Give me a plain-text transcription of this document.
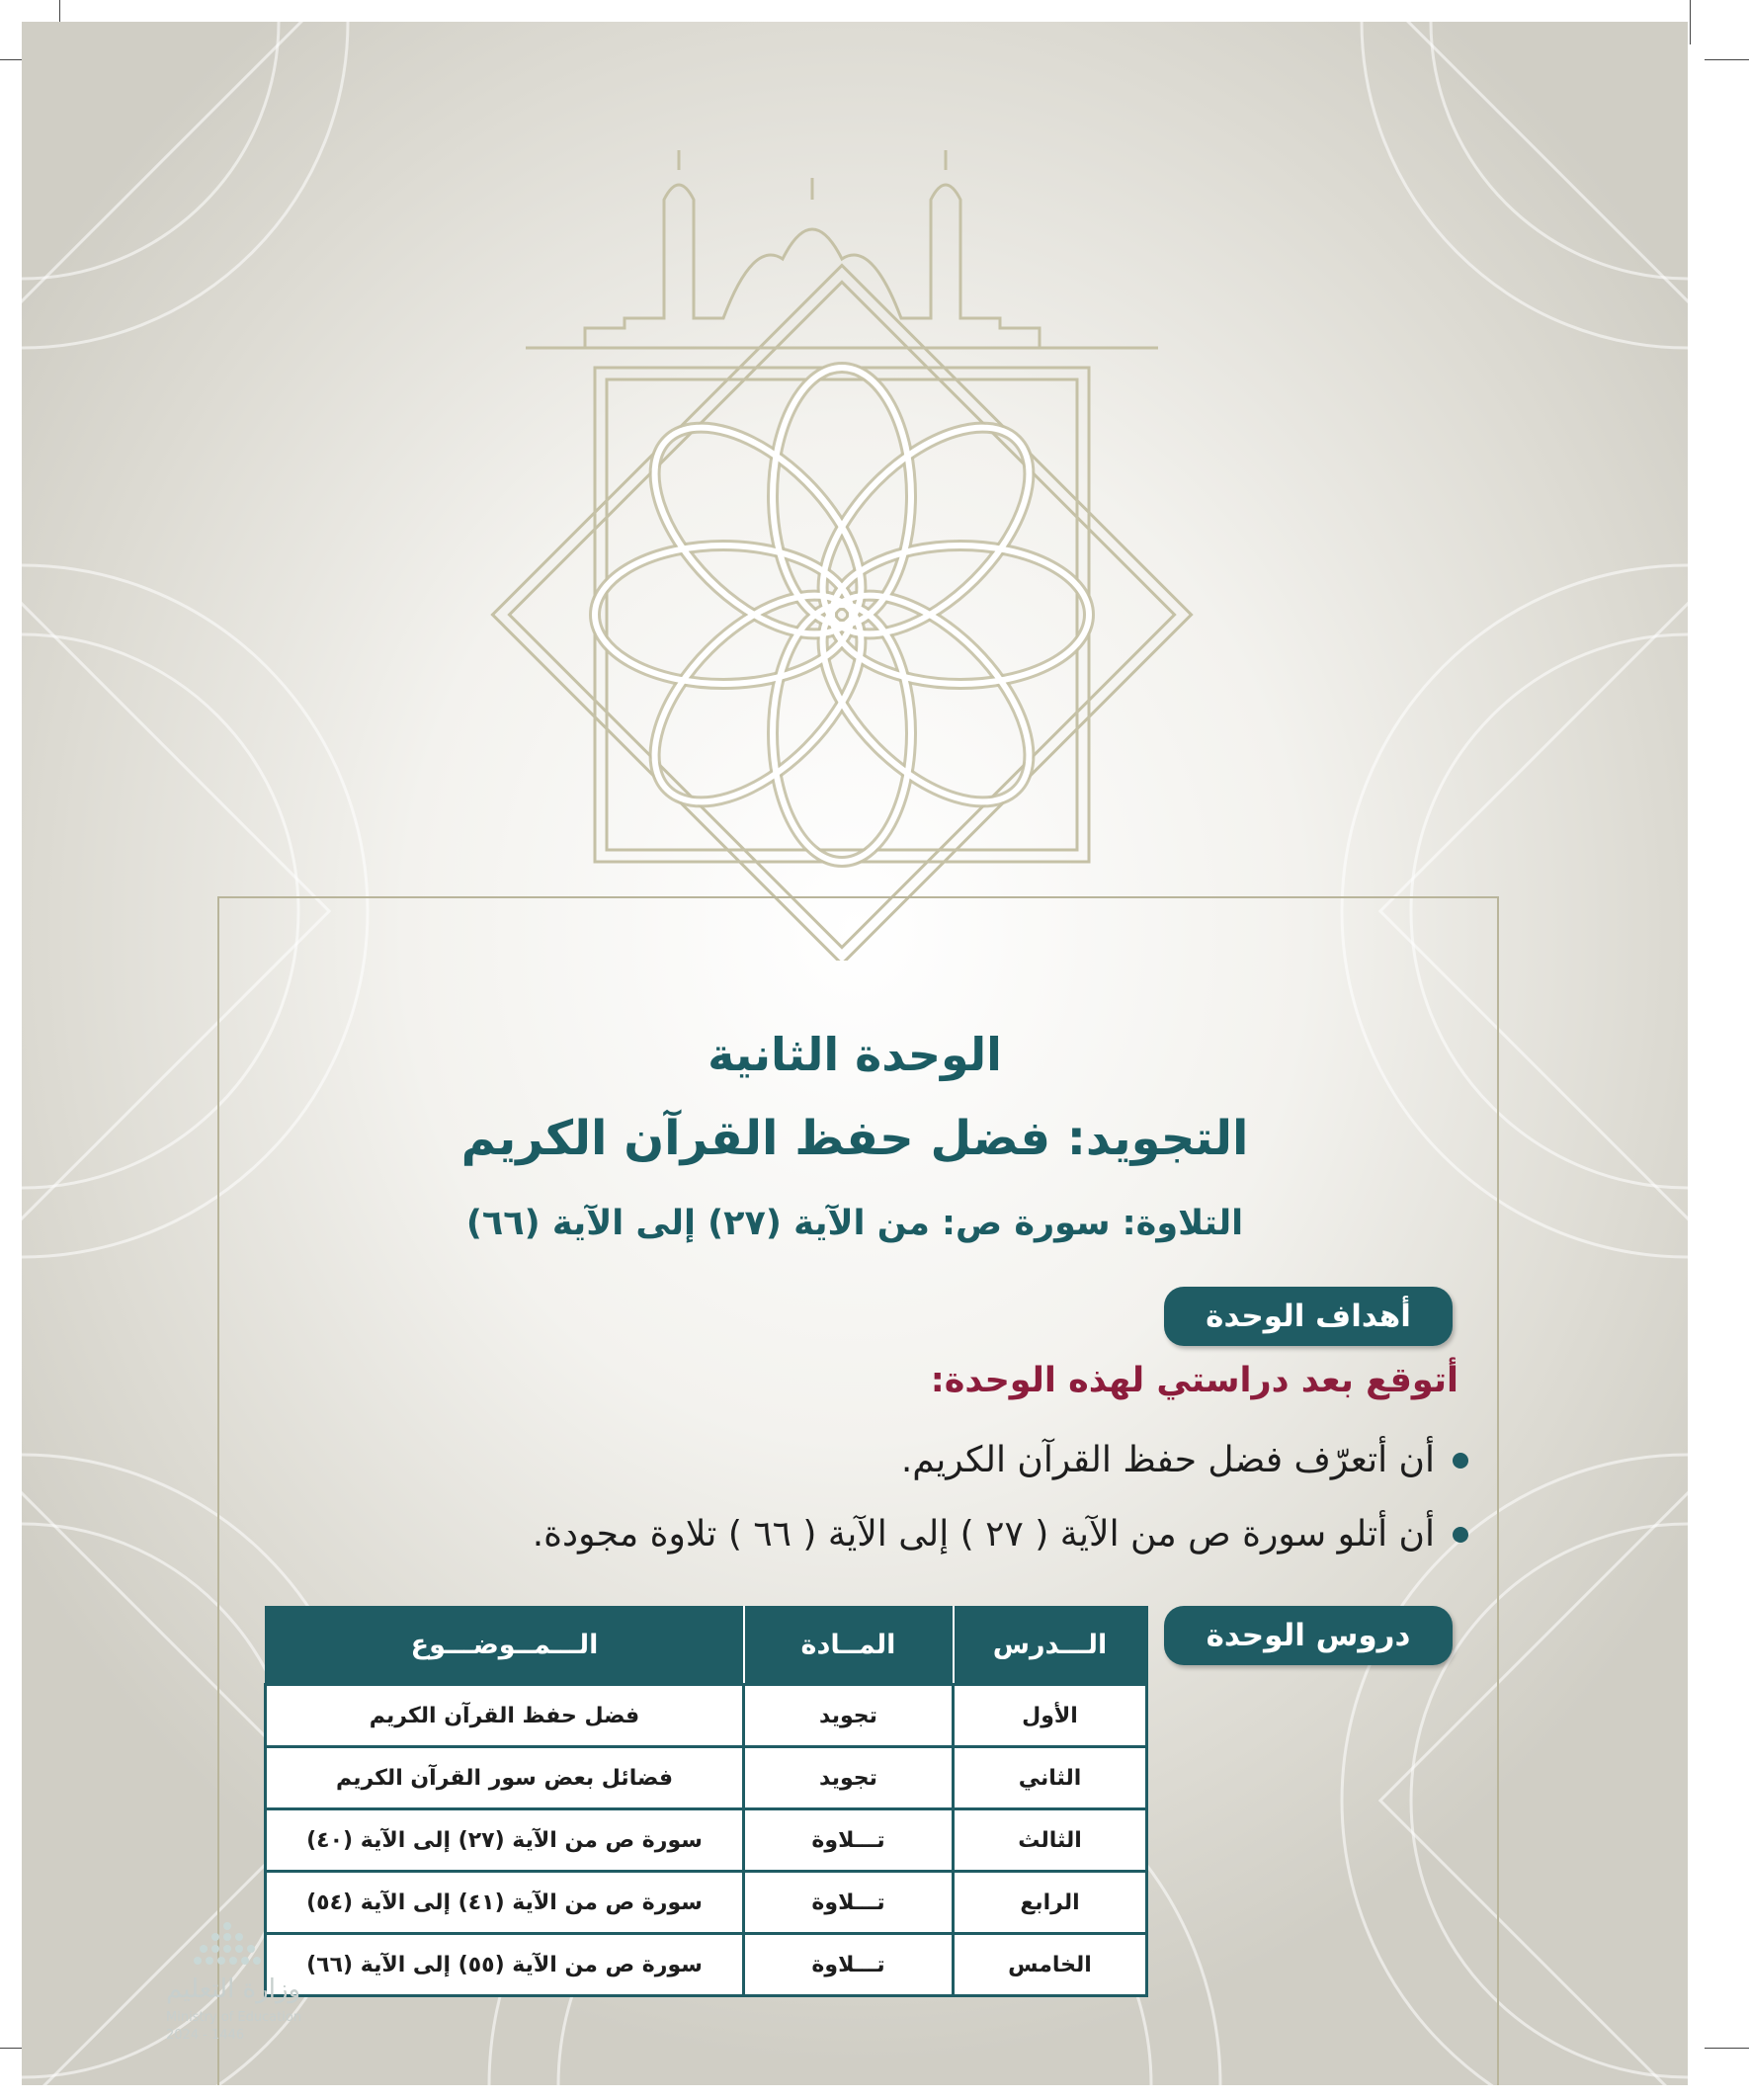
الوحدة الثانية
التجويد: فضل حفظ القرآن الكريم
التلاوة: سورة ص: من الآية (٢٧) إلى الآية (٦٦)
أهداف الوحدة
أتوقع بعد دراستي لهذه الوحدة:
أن أتعرّف فضل حفظ القرآن الكريم.
أن أتلو سورة ص من الآية ( ٢٧ ) إلى الآية ( ٦٦ ) تلاوة مجودة.
دروس الوحدة
الـــدرس	المــادة	الـــمــوضـــوع
الأول	تجويد	فضل حفظ القرآن الكريم
الثاني	تجويد	فضائل بعض سور القرآن الكريم
الثالث	تـــلاوة	سورة ص من الآية (٢٧) إلى الآية (٤٠)
الرابع	تـــلاوة	سورة ص من الآية (٤١) إلى الآية (٥٤)
الخامس	تـــلاوة	سورة ص من الآية (٥٥) إلى الآية (٦٦)
وزارة التعليم
Ministry of Education
2024 - 1446
